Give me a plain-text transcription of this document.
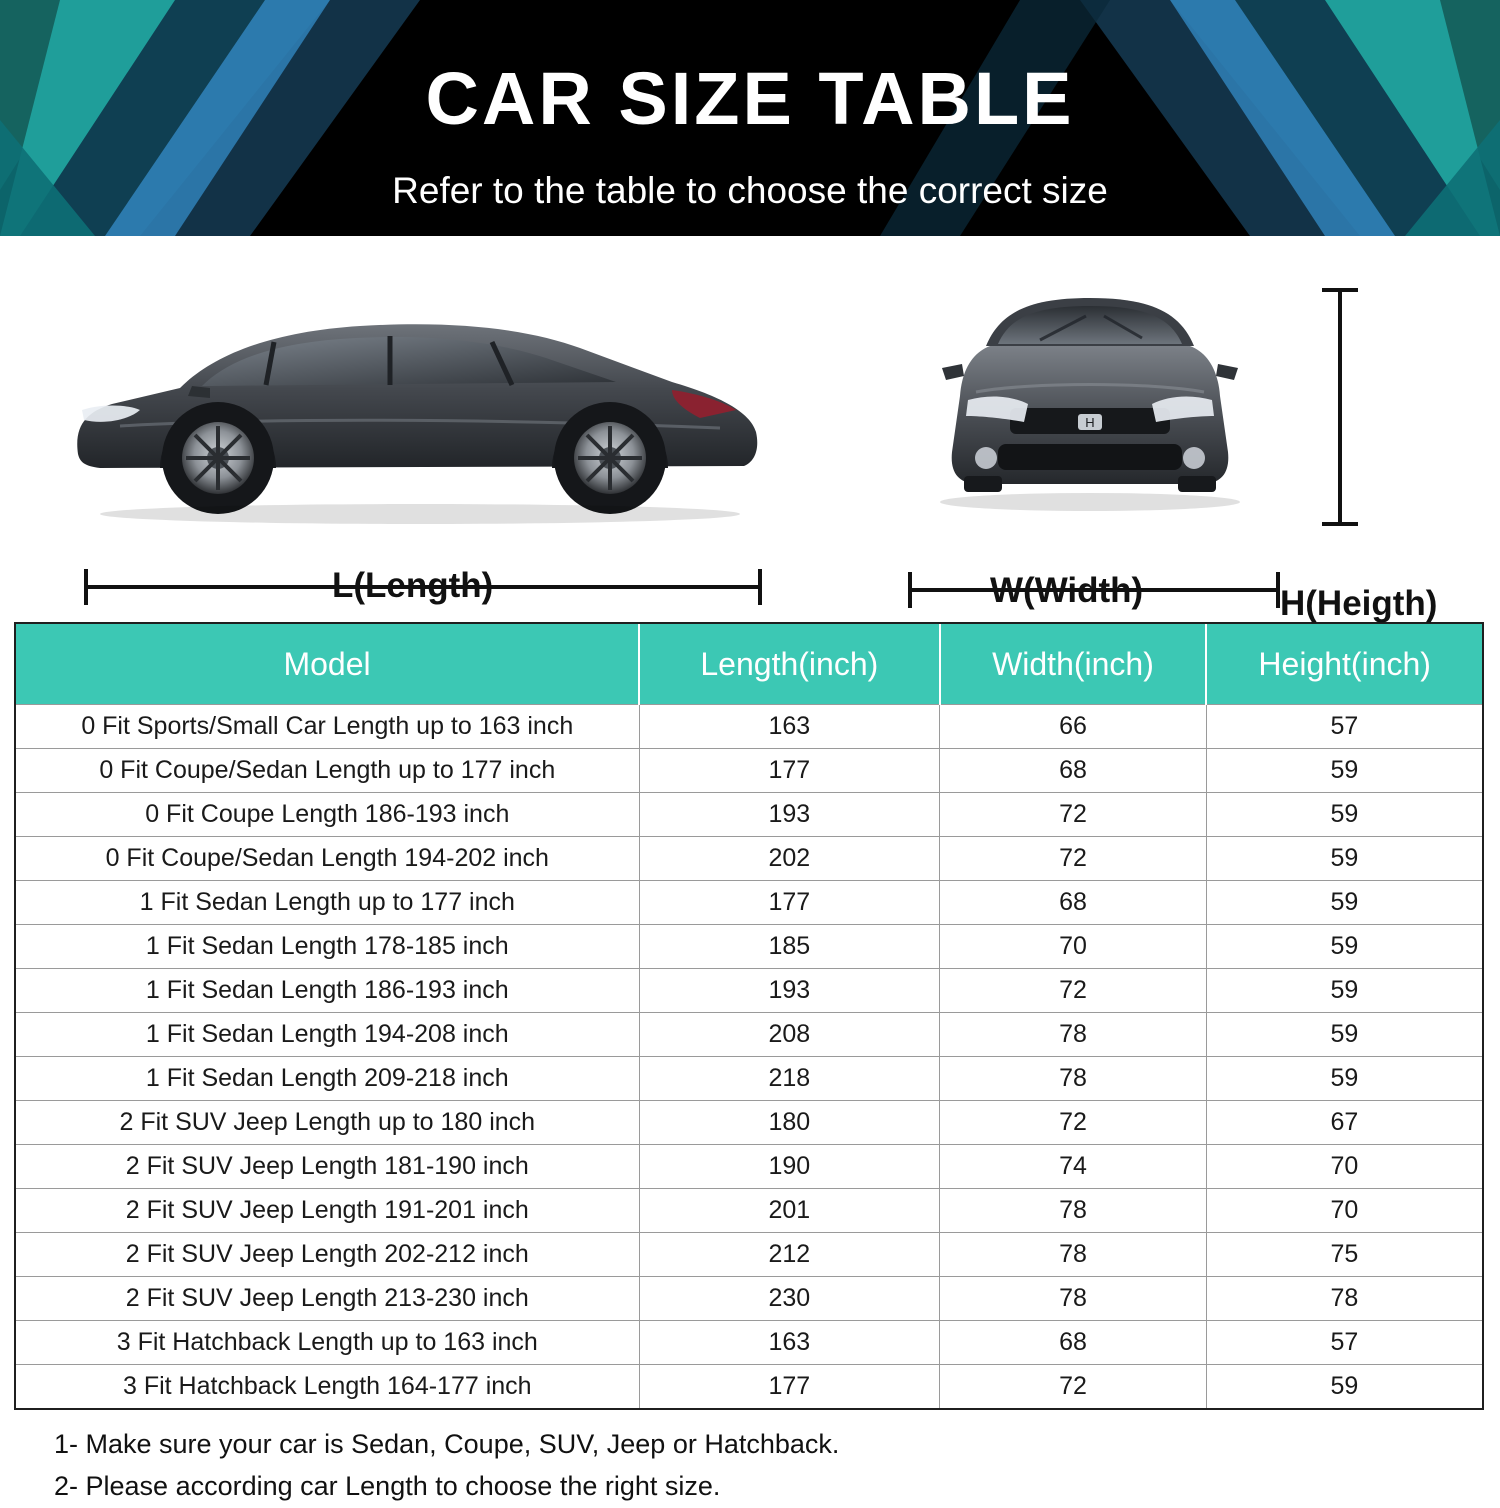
CAR SIZE TABLE
Refer to the table to choose the correct size
H
L(Length)	W(Width)	H(Heigth)
Model	Length(inch)	Width(inch)	Height(inch)
0 Fit Sports/Small Car Length up to 163 inch	163	66	57
0 Fit Coupe/Sedan Length up to 177 inch	177	68	59
0 Fit Coupe Length 186-193 inch	193	72	59
0 Fit Coupe/Sedan Length 194-202 inch	202	72	59
1 Fit Sedan Length up to 177 inch	177	68	59
1 Fit Sedan Length 178-185 inch	185	70	59
1 Fit Sedan Length 186-193 inch	193	72	59
1 Fit Sedan Length 194-208 inch	208	78	59
1 Fit Sedan Length 209-218 inch	218	78	59
2 Fit SUV Jeep Length up to 180 inch	180	72	67
2 Fit SUV Jeep Length 181-190 inch	190	74	70
2 Fit SUV Jeep Length 191-201 inch	201	78	70
2 Fit SUV Jeep Length 202-212 inch	212	78	75
2 Fit SUV Jeep Length 213-230 inch	230	78	78
3 Fit Hatchback Length up to 163 inch	163	68	57
3 Fit Hatchback Length 164-177 inch	177	72	59
1- Make sure your car is Sedan, Coupe, SUV, Jeep or Hatchback.
2- Please according car Length to choose the right size.
